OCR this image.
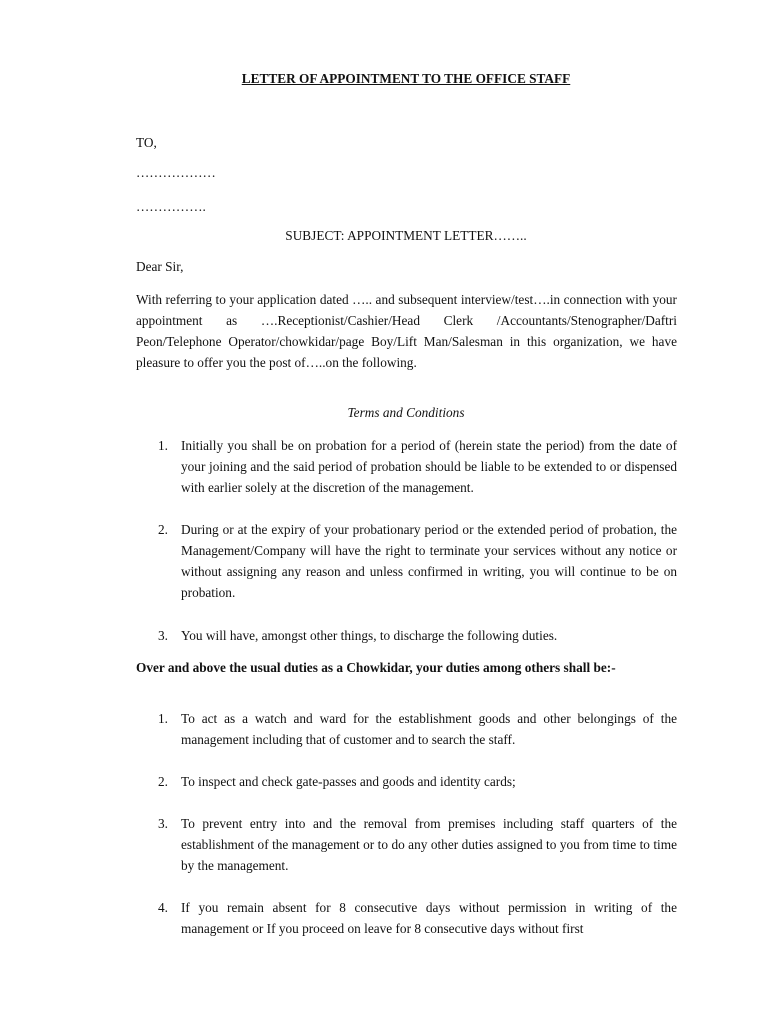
LETTER OF APPOINTMENT TO THE OFFICE STAFF
TO,
………………
…………….
SUBJECT: APPOINTMENT LETTER……..
Dear Sir,

With referring to your application dated ….. and subsequent interview/test….in connection with your appointment as ….Receptionist/Cashier/Head Clerk /Accountants/Stenographer/Daftri Peon/Telephone Operator/chowkidar/page Boy/Lift Man/Salesman in this organization, we have pleasure to offer you the post of…..on the following.

Terms and Conditions
1. Initially you shall be on probation for a period of (herein state the period) from the date of your joining and the said period of probation should be liable to be extended to or dispensed with earlier solely at the discretion of the management.
2. During or at the expiry of your probationary period or the extended period of probation, the Management/Company will have the right to terminate your services without any notice or without assigning any reason and unless confirmed in writing, you will continue to be on probation.
3. You will have, amongst other things, to discharge the following duties.

Over and above the usual duties as a Chowkidar, your duties among others shall be:-

1. To act as a watch and ward for the establishment goods and other belongings of the management including that of customer and to search the staff.
2. To inspect and check gate-passes and goods and identity cards;
3. To prevent entry into and the removal from premises including staff quarters of the establishment of the management or to do any other duties assigned to you from time to time by the management.
4. If you remain absent for 8 consecutive days without permission in writing of the management or If you proceed on leave for 8 consecutive days without first
